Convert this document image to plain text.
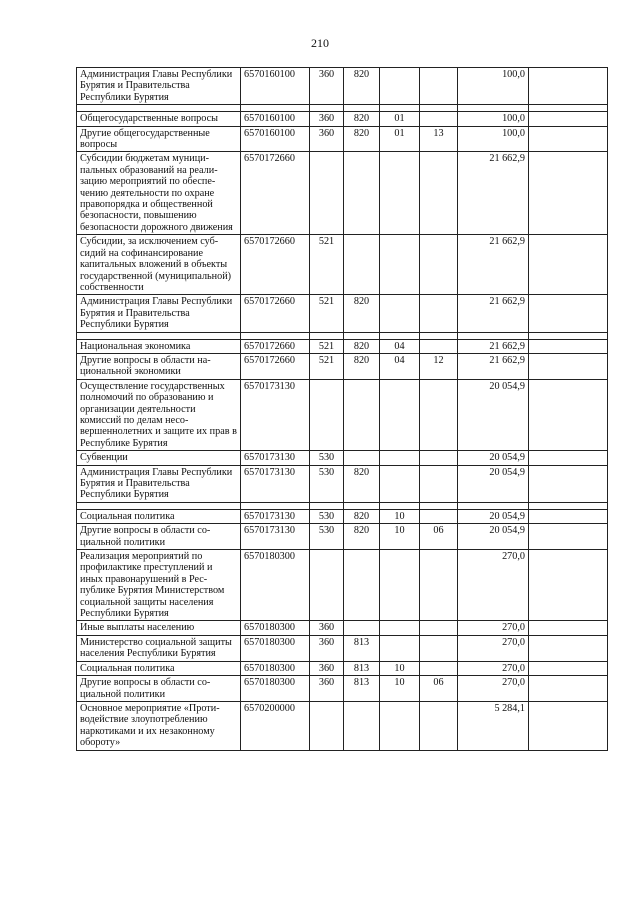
210
Администрация Главы Республики Бурятия и Правительства Республики Бурятия	6570160100	360	820			100,0	

Общегосударственные вопросы	6570160100	360	820	01		100,0	
Другие общегосударственные вопросы	6570160100	360	820	01	13	100,0	
Субсидии бюджетам муниципальных образований на реализацию мероприятий по обеспечению деятельности по охране правопорядка и общественной безопасности, повышению безопасности дорожного движения	6570172660					21 662,9	
Субсидии, за исключением субсидий на софинансирование капитальных вложений в объекты государственной (муниципальной) собственности	6570172660	521				21 662,9	
Администрация Главы Республики Бурятия и Правительства Республики Бурятия	6570172660	521	820			21 662,9	

Национальная экономика	6570172660	521	820	04		21 662,9	
Другие вопросы в области национальной экономики	6570172660	521	820	04	12	21 662,9	
Осуществление государственных полномочий по образованию и организации деятельности комиссий по делам несовершеннолетних и защите их прав в Республике Бурятия	6570173130					20 054,9	
Субвенции	6570173130	530				20 054,9	
Администрация Главы Республики Бурятия и Правительства Республики Бурятия	6570173130	530	820			20 054,9	

Социальная политика	6570173130	530	820	10		20 054,9	
Другие вопросы в области социальной политики	6570173130	530	820	10	06	20 054,9	
Реализация мероприятий по профилактике преступлений и иных правонарушений в Республике Бурятия Министерством социальной защиты населения Республики Бурятия	6570180300					270,0	
Иные выплаты населению	6570180300	360				270,0	
Министерство социальной защиты населения Республики Бурятия	6570180300	360	813			270,0	
Социальная политика	6570180300	360	813	10		270,0	
Другие вопросы в области социальной политики	6570180300	360	813	10	06	270,0	
Основное мероприятие «Противодействие злоупотреблению наркотиками и их незаконному обороту»	6570200000					5 284,1	
